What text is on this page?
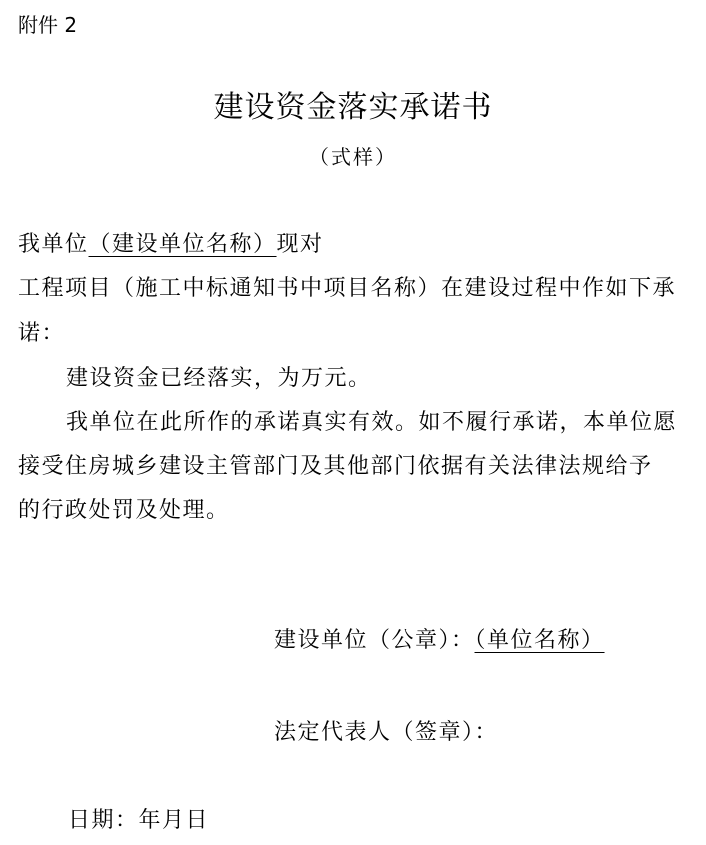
附件 2

建设资金落实承诺书

（式样）

我单位（建设单位名称）现对

工程项目（施工中标通知书中项目名称）在建设过程中作如下承

诺：

建设资金已经落实，为万元。

我单位在此所作的承诺真实有效。如不履行承诺，本单位愿

接受住房城乡建设主管部门及其他部门依据有关法律法规给予

的行政处罚及处理。

建设单位（公章）：（单位名称）

法定代表人（签章）：

日期：年月日
